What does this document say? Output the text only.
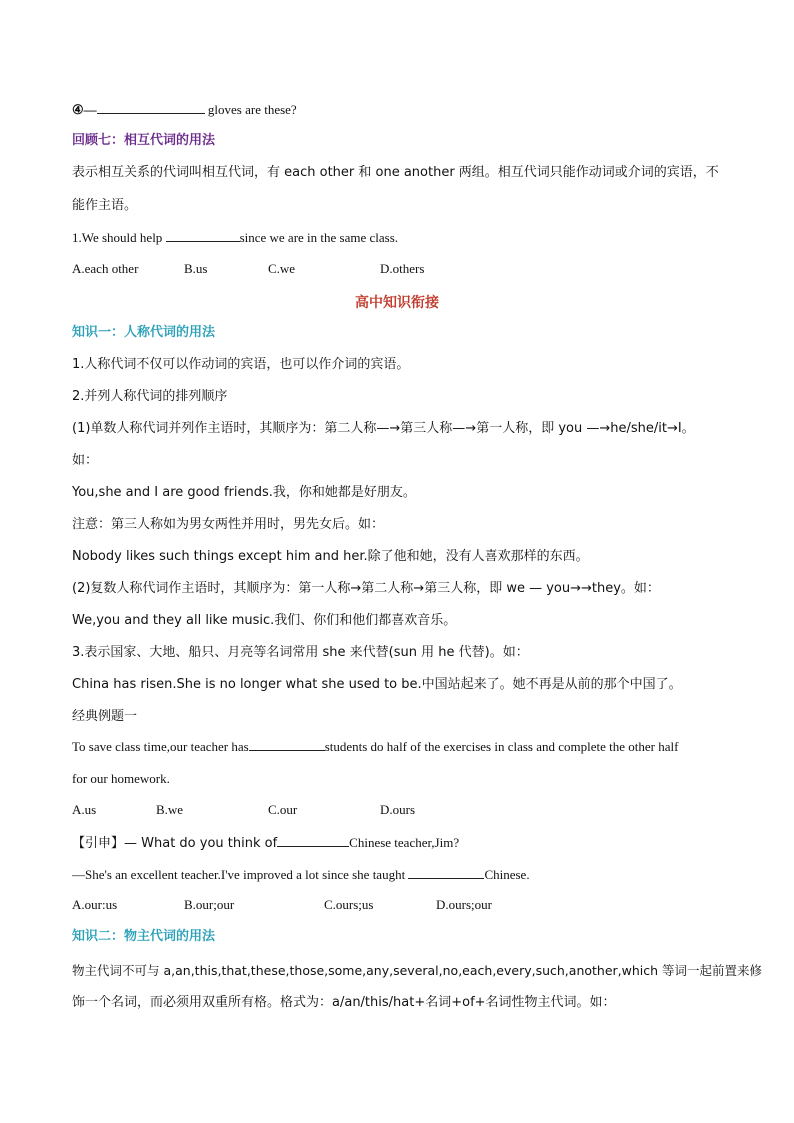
④—	gloves are these?
回顾七：相互代词的用法
表示相互关系的代词叫相互代词，有 each other 和 one another 两组。相互代词只能作动词或介词的宾语，不
能作主语。
1.We should help	since we are in the same class.
A.each other	B.us	C.we	D.others
高中知识衔接
知识一：人称代词的用法
1.人称代词不仅可以作动词的宾语，也可以作介词的宾语。
2.并列人称代词的排列顺序
(1)单数人称代词并列作主语时，其顺序为：第二人称—→第三人称—→第一人称，即 you —→he/she/it→I。
如：
You,she and I are good friends.我，你和她都是好朋友。
注意：第三人称如为男女两性并用时，男先女后。如：
Nobody likes such things except him and her.除了他和她，没有人喜欢那样的东西。
(2)复数人称代词作主语时，其顺序为：第一人称→第二人称→第三人称，即 we — you→→they。如：
We,you and they all like music.我们、你们和他们都喜欢音乐。
3.表示国家、大地、船只、月亮等名词常用 she 来代替(sun 用 he 代替)。如：
China has risen.She is no longer what she used to be.中国站起来了。她不再是从前的那个中国了。
经典例题一
To save class time,our teacher has	students do half of the exercises in class and complete the other half
for our homework.
A.us	B.we	C.our	D.ours
【引申】— What do you think of	Chinese teacher,Jim?
—She's an excellent teacher.I've improved a lot since she taught	Chinese.
A.our:us	B.our;our	C.ours;us	D.ours;our
知识二：物主代词的用法
物主代词不可与 a,an,this,that,these,those,some,any,several,no,each,every,such,another,which 等词一起前置来修
饰一个名词，而必须用双重所有格。格式为：a/an/this/hat+名词+of+名词性物主代词。如：
